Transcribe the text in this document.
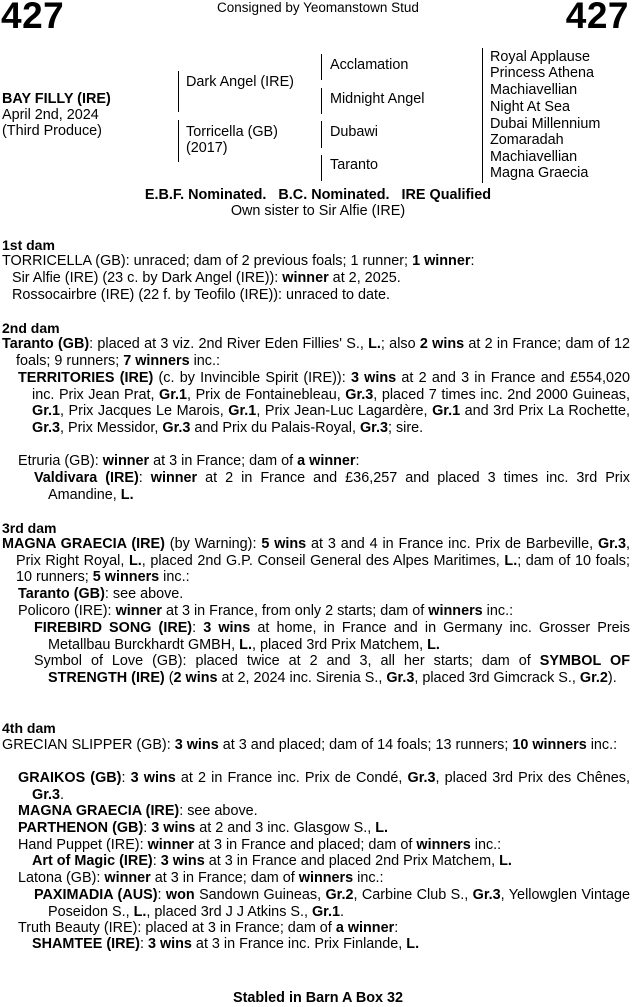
427	427
Consigned by Yeomanstown Stud
BAY FILLY (IRE)
April 2nd, 2024
(Third Produce)
Dark Angel (IRE)
Torricella (GB)
(2017)
Acclamation
Midnight Angel
Dubawi
Taranto
Royal Applause
Princess Athena
Machiavellian
Night At Sea
Dubai Millennium
Zomaradah
Machiavellian
Magna Graecia
E.B.F. Nominated.   B.C. Nominated.   IRE Qualified
Own sister to Sir Alfie (IRE)
1st dam
TORRICELLA (GB): unraced; dam of 2 previous foals; 1 runner; 1 winner:
Sir Alfie (IRE) (23 c. by Dark Angel (IRE)): winner at 2, 2025.
Rossocairbre (IRE) (22 f. by Teofilo (IRE)): unraced to date.
2nd dam
Taranto (GB): placed at 3 viz. 2nd River Eden Fillies' S., L.; also 2 wins at 2 in France; dam of 12 foals; 9 runners; 7 winners inc.:
TERRITORIES (IRE) (c. by Invincible Spirit (IRE)): 3 wins at 2 and 3 in France and £554,020 inc. Prix Jean Prat, Gr.1, Prix de Fontainebleau, Gr.3, placed 7 times inc. 2nd 2000 Guineas, Gr.1, Prix Jacques Le Marois, Gr.1, Prix Jean-Luc Lagardère, Gr.1 and 3rd Prix La Rochette, Gr.3, Prix Messidor, Gr.3 and Prix du Palais-Royal, Gr.3; sire.
Etruria (GB): winner at 3 in France; dam of a winner:
Valdivara (IRE): winner at 2 in France and £36,257 and placed 3 times inc. 3rd Prix Amandine, L.
3rd dam
MAGNA GRAECIA (IRE) (by Warning): 5 wins at 3 and 4 in France inc. Prix de Barbeville, Gr.3, Prix Right Royal, L., placed 2nd G.P. Conseil General des Alpes Maritimes, L.; dam of 10 foals; 10 runners; 5 winners inc.:
Taranto (GB): see above.
Policoro (IRE): winner at 3 in France, from only 2 starts; dam of winners inc.:
FIREBIRD SONG (IRE): 3 wins at home, in France and in Germany inc. Grosser Preis Metallbau Burckhardt GMBH, L., placed 3rd Prix Matchem, L.
Symbol of Love (GB): placed twice at 2 and 3, all her starts; dam of SYMBOL OF STRENGTH (IRE) (2 wins at 2, 2024 inc. Sirenia S., Gr.3, placed 3rd Gimcrack S., Gr.2).
4th dam
GRECIAN SLIPPER (GB): 3 wins at 3 and placed; dam of 14 foals; 13 runners; 10 winners inc.:
GRAIKOS (GB): 3 wins at 2 in France inc. Prix de Condé, Gr.3, placed 3rd Prix des Chênes, Gr.3.
MAGNA GRAECIA (IRE): see above.
PARTHENON (GB): 3 wins at 2 and 3 inc. Glasgow S., L.
Hand Puppet (IRE): winner at 3 in France and placed; dam of winners inc.:
Art of Magic (IRE): 3 wins at 3 in France and placed 2nd Prix Matchem, L.
Latona (GB): winner at 3 in France; dam of winners inc.:
PAXIMADIA (AUS): won Sandown Guineas, Gr.2, Carbine Club S., Gr.3, Yellowglen Vintage Poseidon S., L., placed 3rd J J Atkins S., Gr.1.
Truth Beauty (IRE): placed at 3 in France; dam of a winner:
SHAMTEE (IRE): 3 wins at 3 in France inc. Prix Finlande, L.
Stabled in Barn A Box 32
